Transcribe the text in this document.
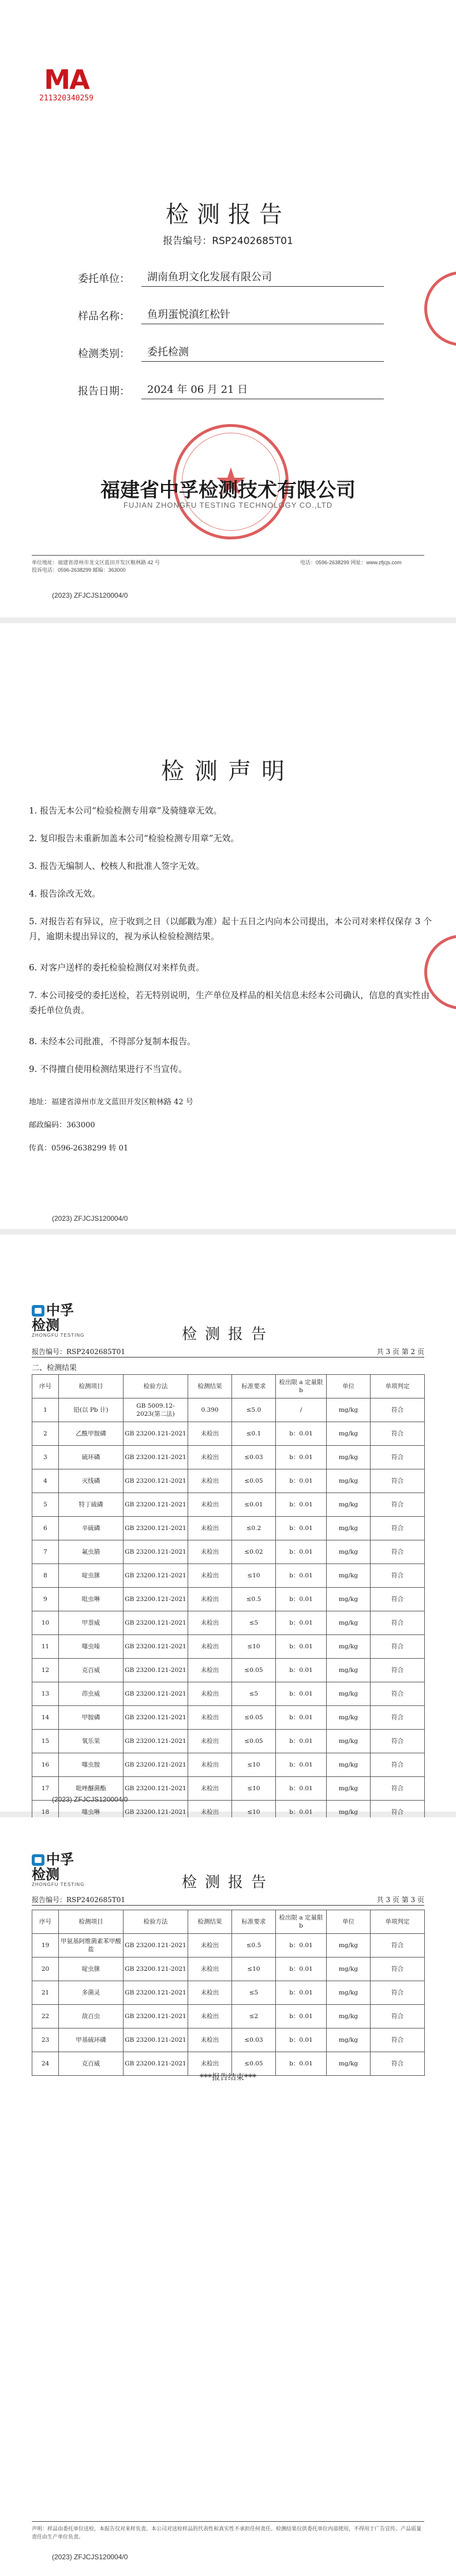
MA
211320340259
检测报告
报告编号：RSP2402685T01
委托单位： 湖南鱼玥文化发展有限公司
样品名称： 鱼玥蛋悦滇红松针
检测类别： 委托检测
报告日期： 2024 年 06 月 21 日
福建省中孚检测技术有限公司
FUJIAN ZHONGFU TESTING TECHNOLOGY CO.,LTD
单位地址：福建省漳州市龙文区蓝田开发区粮林路 42 号
投诉电话：0596-2638299 邮编：363000
电话：0596-2638299 网址：www.zfjcjs.com
(2023) ZFJCJS120004/0
检测声明
1. 报告无本公司“检验检测专用章”及骑缝章无效。
2. 复印报告未重新加盖本公司“检验检测专用章”无效。
3. 报告无编制人、校核人和批准人签字无效。
4. 报告涂改无效。
5. 对报告若有异议，应于收到之日（以邮戳为准）起十五日之内向本公司提出，本公司对来样仅保存 3 个月，逾期未提出异议的，视为承认检验检测结果。
6. 对客户送样的委托检验检测仅对来样负责。
7. 本公司接受的委托送检，若无特别说明，生产单位及样品的相关信息未经本公司确认，信息的真实性由委托单位负责。
8. 未经本公司批准，不得部分复制本报告。
9. 不得擅自使用检测结果进行不当宣传。
地址：福建省漳州市龙文蓝田开发区粮林路 42 号
邮政编码：363000
传真：0596-2638299 转 01
(2023) ZFJCJS120004/0
中孚检测
ZHONGFU TESTING	检测报告
报告编号：RSP2402685T01	共 3 页 第 2 页
二、检测结果
序号	检测项目	检验方法	检测结果	标准要求	检出限 a 定量限 b	单位	单项判定
1	铅(以 Pb 计)	GB 5009.12-2023(第二法)	0.390	≤5.0	/	mg/kg	符合
2	乙酰甲胺磷	GB 23200.121-2021	未检出	≤0.1	b：0.01	mg/kg	符合
3	硫环磷	GB 23200.121-2021	未检出	≤0.03	b：0.01	mg/kg	符合
4	灭线磷	GB 23200.121-2021	未检出	≤0.05	b：0.01	mg/kg	符合
5	特丁硫磷	GB 23200.121-2021	未检出	≤0.01	b：0.01	mg/kg	符合
6	辛硫磷	GB 23200.121-2021	未检出	≤0.2	b：0.01	mg/kg	符合
7	氟虫腈	GB 23200.121-2021	未检出	≤0.02	b：0.01	mg/kg	符合
8	啶虫脒	GB 23200.121-2021	未检出	≤10	b：0.01	mg/kg	符合
9	吡虫啉	GB 23200.121-2021	未检出	≤0.5	b：0.01	mg/kg	符合
10	甲萘威	GB 23200.121-2021	未检出	≤5	b：0.01	mg/kg	符合
11	噻虫嗪	GB 23200.121-2021	未检出	≤10	b：0.01	mg/kg	符合
12	克百威	GB 23200.121-2021	未检出	≤0.05	b：0.01	mg/kg	符合
13	茚虫威	GB 23200.121-2021	未检出	≤5	b：0.01	mg/kg	符合
14	甲胺磷	GB 23200.121-2021	未检出	≤0.05	b：0.01	mg/kg	符合
15	氧乐果	GB 23200.121-2021	未检出	≤0.05	b：0.01	mg/kg	符合
16	噻虫胺	GB 23200.121-2021	未检出	≤10	b：0.01	mg/kg	符合
17	吡唑醚菌酯	GB 23200.121-2021	未检出	≤10	b：0.01	mg/kg	符合
18	噻虫啉	GB 23200.121-2021	未检出	≤10	b：0.01	mg/kg	符合
(2023) ZFJCJS120004/0
中孚检测
ZHONGFU TESTING	检测报告
报告编号：RSP2402685T01	共 3 页 第 3 页
序号	检测项目	检验方法	检测结果	标准要求	检出限 a 定量限 b	单位	单项判定
19	甲氨基阿维菌素苯甲酸盐	GB 23200.121-2021	未检出	≤0.5	b：0.01	mg/kg	符合
20	啶虫脒	GB 23200.121-2021	未检出	≤10	b：0.01	mg/kg	符合
21	多菌灵	GB 23200.121-2021	未检出	≤5	b：0.01	mg/kg	符合
22	敌百虫	GB 23200.121-2021	未检出	≤2	b：0.01	mg/kg	符合
23	甲基硫环磷	GB 23200.121-2021	未检出	≤0.03	b：0.01	mg/kg	符合
24	克百威	GB 23200.121-2021	未检出	≤0.05	b：0.01	mg/kg	符合
***报告结束***
声明：样品由委托单位送检，本报告仅对来样负责。本公司对送检样品的代表性和真实性不承担任何责任。检测结果仅供委托单位内部使用，不得用于广告宣传。产品质量责任由生产单位负责。
(2023) ZFJCJS120004/0
